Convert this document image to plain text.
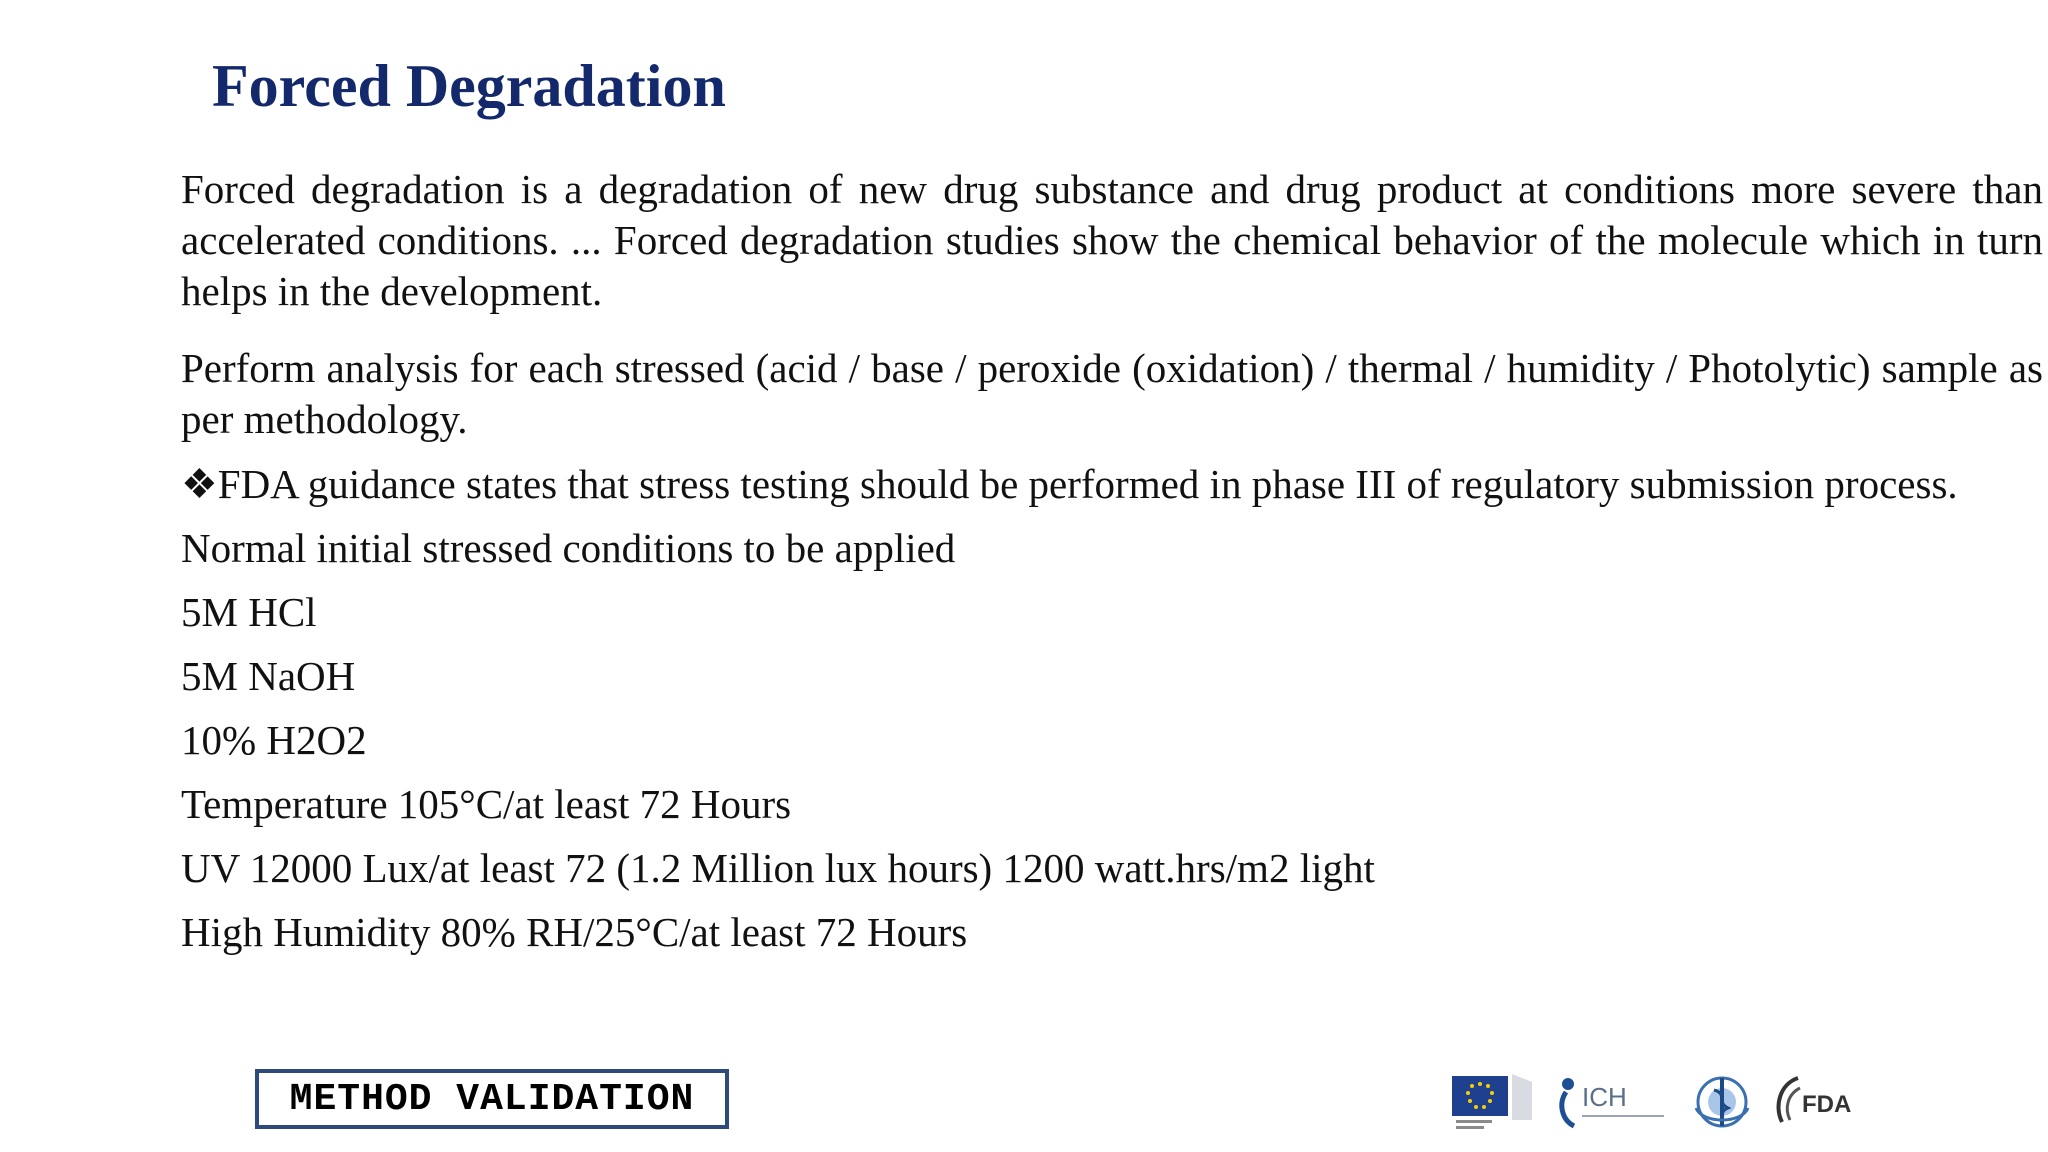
Forced Degradation

Forced degradation is a degradation of new drug substance and drug product at conditions more severe than accelerated conditions. ... Forced degradation studies show the chemical behavior of the molecule which in turn helps in the development.

Perform analysis for each stressed (acid / base / peroxide (oxidation) / thermal / humidity / Photolytic) sample as per methodology.

❖FDA guidance states that stress testing should be performed in phase III of regulatory submission process.
Normal initial stressed conditions to be applied
5M HCl
5M NaOH
10% H2O2
Temperature 105°C/at least 72 Hours
UV 12000 Lux/at least 72 (1.2 Million lux hours) 1200 watt.hrs/m2 light
High Humidity 80% RH/25°C/at least 72 Hours
METHOD VALIDATION	ICH	FDA
